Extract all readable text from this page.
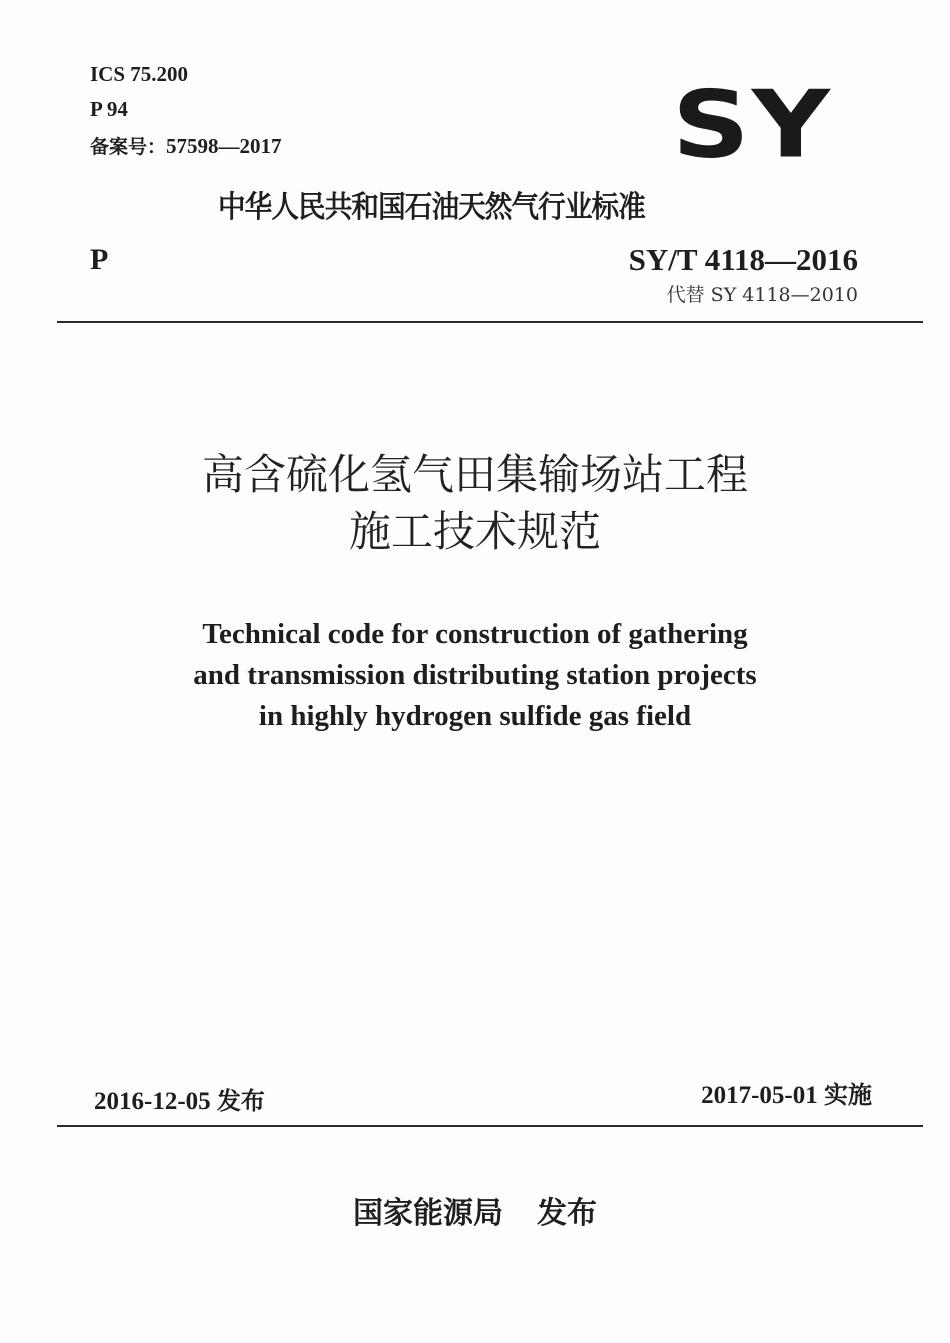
ICS 75.200
P 94
备案号：57598—2017	SY
中华人民共和国石油天然气行业标准
P	SY/T 4118—2016
代替 SY 4118—2010
高含硫化氢气田集输场站工程
施工技术规范
Technical code for construction of gathering
and transmission distributing station projects
in highly hydrogen sulfide gas field
2016-12-05 发布	2017-05-01 实施
国家能源局 发布
